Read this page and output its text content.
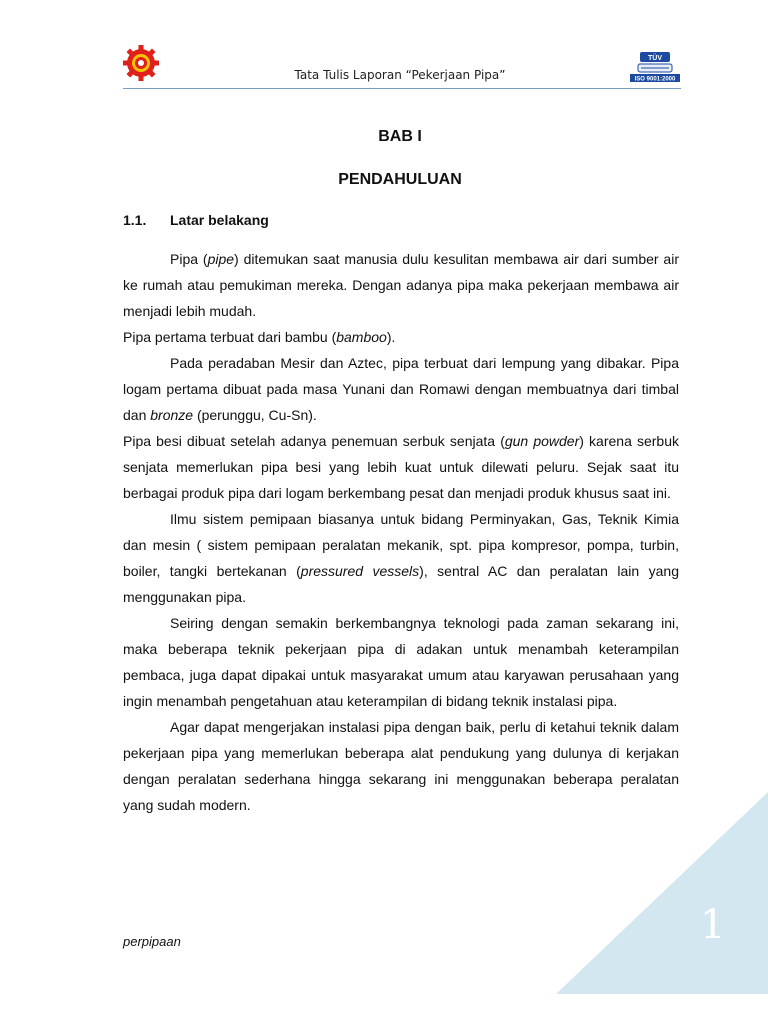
TÜV
ISO 9001:2000
Tata Tulis Laporan “Pekerjaan Pipa”
BAB I
PENDAHULUAN
1.1. Latar belakang

Pipa (pipe) ditemukan saat manusia dulu kesulitan membawa air dari sumber air ke rumah atau pemukiman mereka. Dengan adanya pipa maka pekerjaan membawa air menjadi lebih mudah.

Pipa pertama terbuat dari bambu (bamboo).

Pada peradaban Mesir dan Aztec, pipa terbuat dari lempung yang dibakar. Pipa logam pertama dibuat pada masa Yunani dan Romawi dengan membuatnya dari timbal dan bronze (perunggu, Cu-Sn).

Pipa besi dibuat setelah adanya penemuan serbuk senjata (gun powder) karena serbuk senjata memerlukan pipa besi yang lebih kuat untuk dilewati peluru. Sejak saat itu berbagai produk pipa dari logam berkembang pesat dan menjadi produk khusus saat ini.

Ilmu sistem pemipaan biasanya untuk bidang Perminyakan, Gas, Teknik Kimia dan mesin ( sistem pemipaan peralatan mekanik, spt. pipa kompresor, pompa, turbin, boiler, tangki bertekanan (pressured vessels), sentral AC dan peralatan lain yang menggunakan pipa.

Seiring dengan semakin berkembangnya teknologi pada zaman sekarang ini, maka beberapa teknik pekerjaan pipa di adakan untuk menambah keterampilan pembaca, juga dapat dipakai untuk masyarakat umum atau karyawan perusahaan yang ingin menambah pengetahuan atau keterampilan di bidang teknik instalasi pipa.

Agar dapat mengerjakan instalasi pipa dengan baik, perlu di ketahui teknik dalam pekerjaan pipa yang memerlukan beberapa alat pendukung yang dulunya di kerjakan dengan peralatan sederhana hingga sekarang ini menggunakan beberapa peralatan yang sudah modern.

1
perpipaan
